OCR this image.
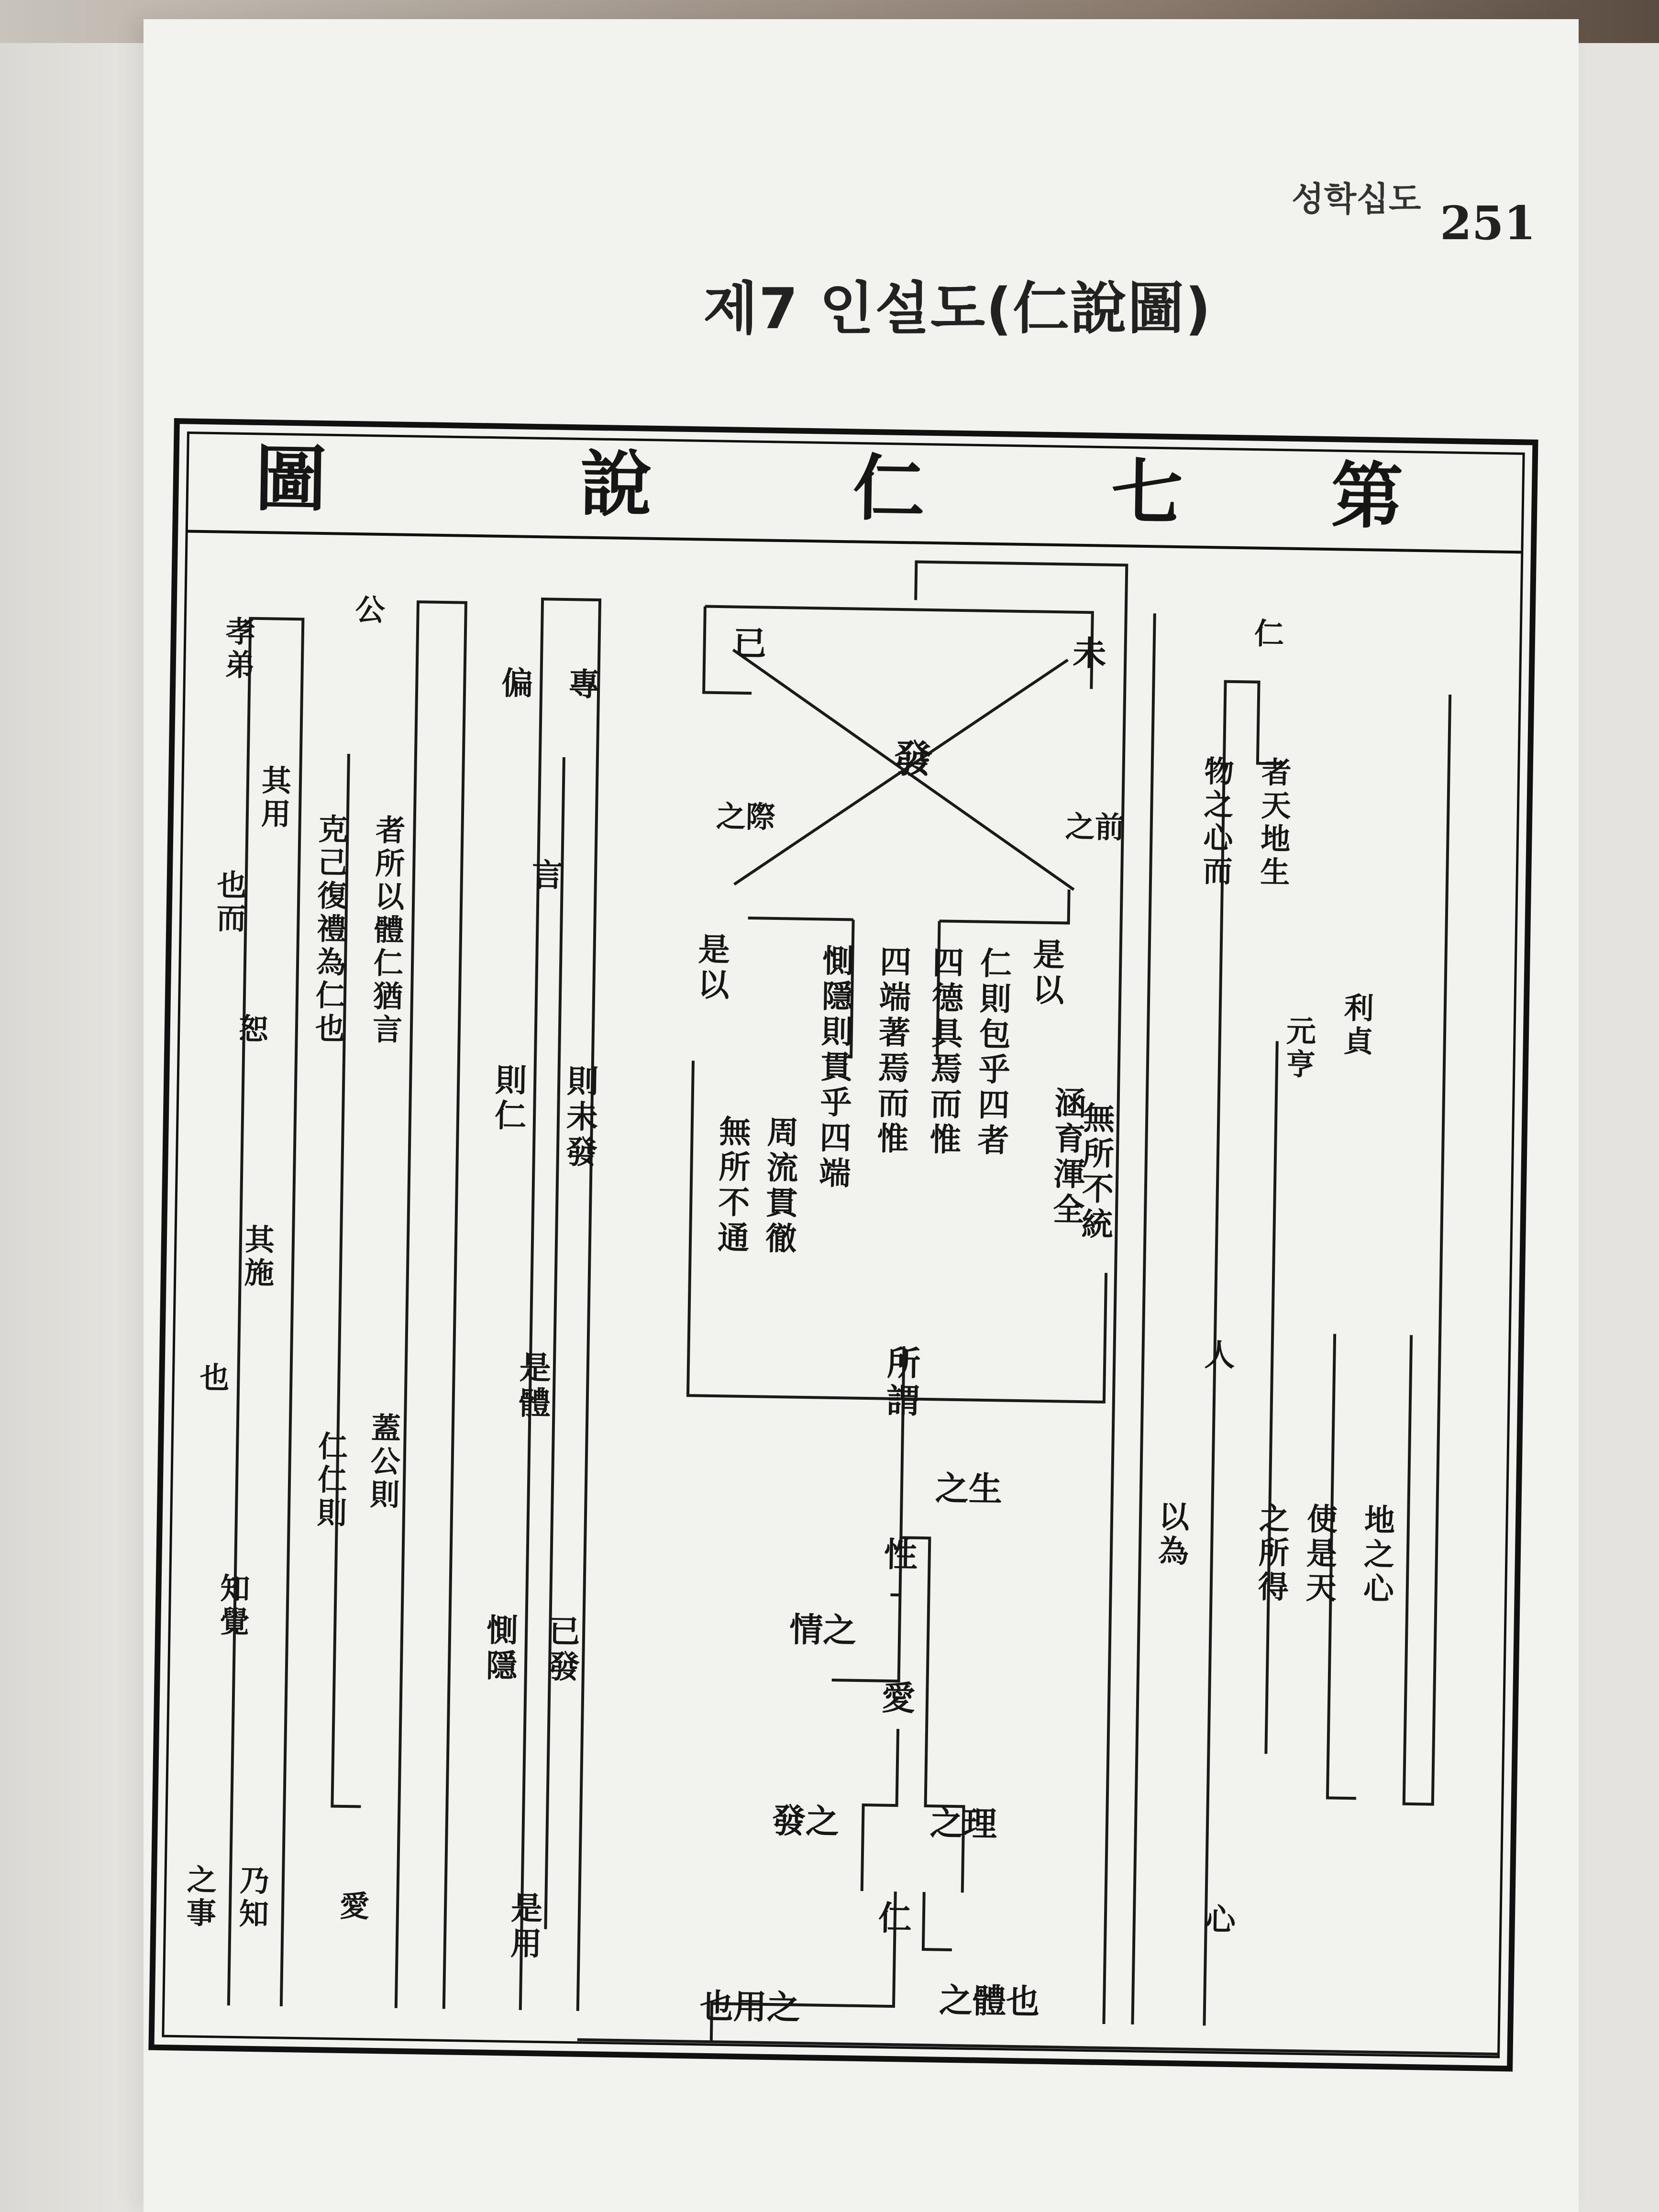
성학십도 251
제7 인설도(仁說圖)
圖	說	仁	七 第
已	未
發
之際	之前
是以
無所不通
周流貫徹
惻隱則貫乎四端
四端著焉而惟
四德具焉而惟
仁則包乎四者
是以
涵育渾全
無所不統
所謂
之生
性
情之
愛
發之	之理
仁
也用之	之體也
孝弟
其用
也而
恕
其施
也
知覺
乃知
之事
公
者所以體仁猶言
克己復禮為仁也
蓋公則
仁仁則
愛
專
偏
言
則未發
則仁
是體
已發
惻隱
是用
仁
者天地生
物之心而
元亨
利貞
人
之所得
以為
使是天
地之心
心
